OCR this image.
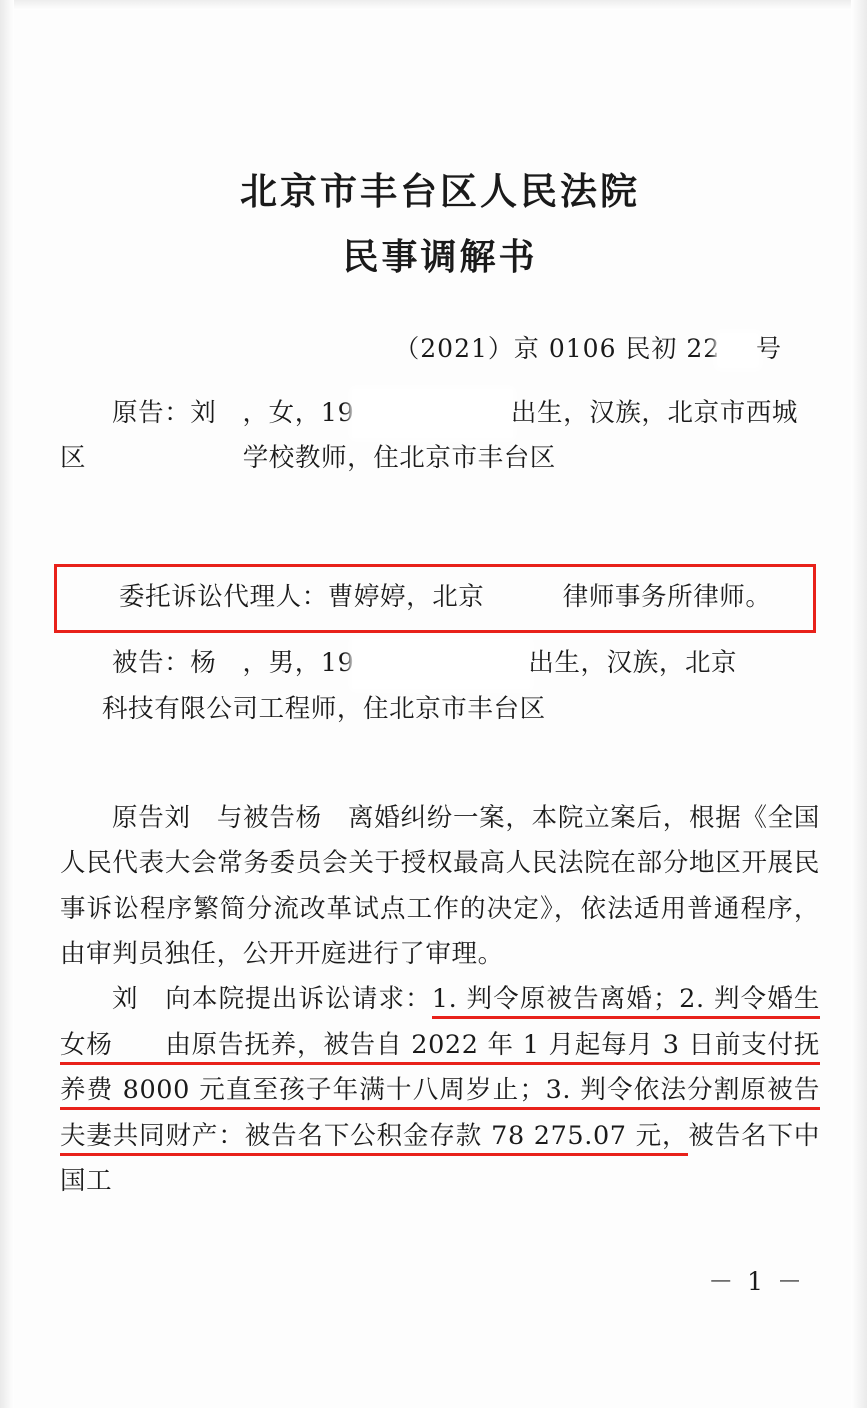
北京市丰台区人民法院
民事调解书
（2021）京 0106 民初 22 号

原告：刘　，女，19	出生，汉族，北京市西城

区　　　　　　学校教师，住北京市丰台区

委托诉讼代理人：曹婷婷，北京　　　律师事务所律师。

被告：杨　，男，19	出生，汉族，北京

科技有限公司工程师，住北京市丰台区

原告刘　与被告杨　离婚纠纷一案，本院立案后，根据《全国人民代表大会常务委员会关于授权最高人民法院在部分地区开展民事诉讼程序繁简分流改革试点工作的决定》，依法适用普通程序，由审判员独任，公开开庭进行了审理。

刘　向本院提出诉讼请求：1. 判令原被告离婚；2. 判令婚生女杨　　由原告抚养，被告自 2022 年 1 月起每月 3 日前支付抚养费 8000 元直至孩子年满十八周岁止；3. 判令依法分割原被告夫妻共同财产：被告名下公积金存款 78 275.07 元，被告名下中国工

－ 1 －
